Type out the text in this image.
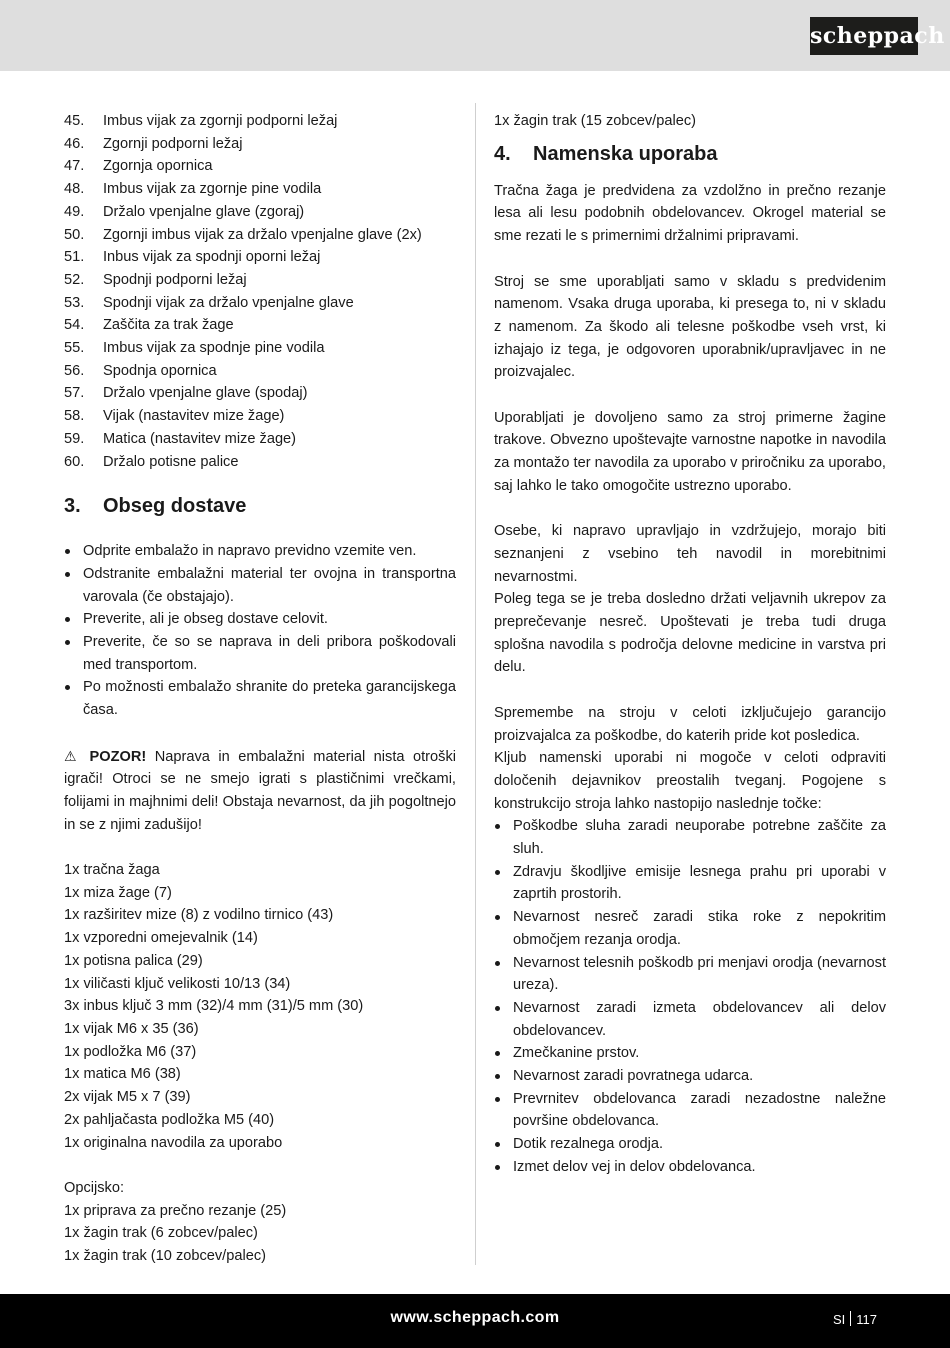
scheppach
45.	Imbus vijak za zgornji podporni ležaj
46.	Zgornji podporni ležaj
47.	Zgornja opornica
48.	Imbus vijak za zgornje pine vodila
49.	Držalo vpenjalne glave (zgoraj)
50.	Zgornji imbus vijak za držalo vpenjalne glave (2x)
51.	Inbus vijak za spodnji oporni ležaj
52.	Spodnji podporni ležaj
53.	Spodnji vijak za držalo vpenjalne glave
54.	Zaščita za trak žage
55.	Imbus vijak za spodnje pine vodila
56.	Spodnja opornica
57.	Držalo vpenjalne glave (spodaj)
58.	Vijak (nastavitev mize žage)
59.	Matica (nastavitev mize žage)
60.	Držalo potisne palice
3.	Obseg dostave
Odprite embalažo in napravo previdno vzemite ven.
Odstranite embalažni material ter ovojna in transportna varovala (če obstajajo).
Preverite, ali je obseg dostave celovit.
Preverite, če so se naprava in deli pribora poškodovali med transportom.
Po možnosti embalažo shranite do preteka garancijskega časa.

⚠ POZOR! Naprava in embalažni material nista otroški igrači! Otroci se ne smejo igrati s plastičnimi vrečkami, folijami in majhnimi deli! Obstaja nevarnost, da jih pogoltnejo in se z njimi zadušijo!

1x tračna žaga

1x miza žage (7)

1x razširitev mize (8) z vodilno tirnico (43)

1x vzporedni omejevalnik (14)

1x potisna palica (29)

1x viličasti ključ velikosti 10/13 (34)

3x inbus ključ 3 mm (32)/4 mm (31)/5 mm (30)

1x vijak M6 x 35 (36)

1x podložka M6 (37)

1x matica M6 (38)

2x vijak M5 x 7 (39)

2x pahljačasta podložka M5 (40)

1x originalna navodila za uporabo

Opcijsko:

1x priprava za prečno rezanje (25)

1x žagin trak (6 zobcev/palec)

1x žagin trak (10 zobcev/palec)

1x žagin trak (15 zobcev/palec)

4.	Namenska uporaba

Tračna žaga je predvidena za vzdolžno in prečno rezanje lesa ali lesu podobnih obdelovancev. Okrogel material se sme rezati le s primernimi držalnimi pripravami.

Stroj se sme uporabljati samo v skladu s predvidenim namenom. Vsaka druga uporaba, ki presega to, ni v skladu z namenom. Za škodo ali telesne poškodbe vseh vrst, ki izhajajo iz tega, je odgovoren uporabnik/upravljavec in ne proizvajalec.

Uporabljati je dovoljeno samo za stroj primerne žagine trakove. Obvezno upoštevajte varnostne napotke in navodila za montažo ter navodila za uporabo v priročniku za uporabo, saj lahko le tako omogočite ustrezno uporabo.

Osebe, ki napravo upravljajo in vzdržujejo, morajo biti seznanjeni z vsebino teh navodil in morebitnimi nevarnostmi.

Poleg tega se je treba dosledno držati veljavnih ukrepov za preprečevanje nesreč. Upoštevati je treba tudi druga splošna navodila s področja delovne medicine in varstva pri delu.

Spremembe na stroju v celoti izključujejo garancijo proizvajalca za poškodbe, do katerih pride kot posledica.

Kljub namenski uporabi ni mogoče v celoti odpraviti določenih dejavnikov preostalih tveganj. Pogojene s konstrukcijo stroja lahko nastopijo naslednje točke:

Poškodbe sluha zaradi neuporabe potrebne zaščite za sluh.
Zdravju škodljive emisije lesnega prahu pri uporabi v zaprtih prostorih.
Nevarnost nesreč zaradi stika roke z nepokritim območjem rezanja orodja.
Nevarnost telesnih poškodb pri menjavi orodja (nevarnost ureza).
Nevarnost zaradi izmeta obdelovancev ali delov obdelovancev.
Zmečkanine prstov.
Nevarnost zaradi povratnega udarca.
Prevrnitev obdelovanca zaradi nezadostne naležne površine obdelovanca.
Dotik rezalnega orodja.
Izmet delov vej in delov obdelovanca.
www.scheppach.com	SI 117
